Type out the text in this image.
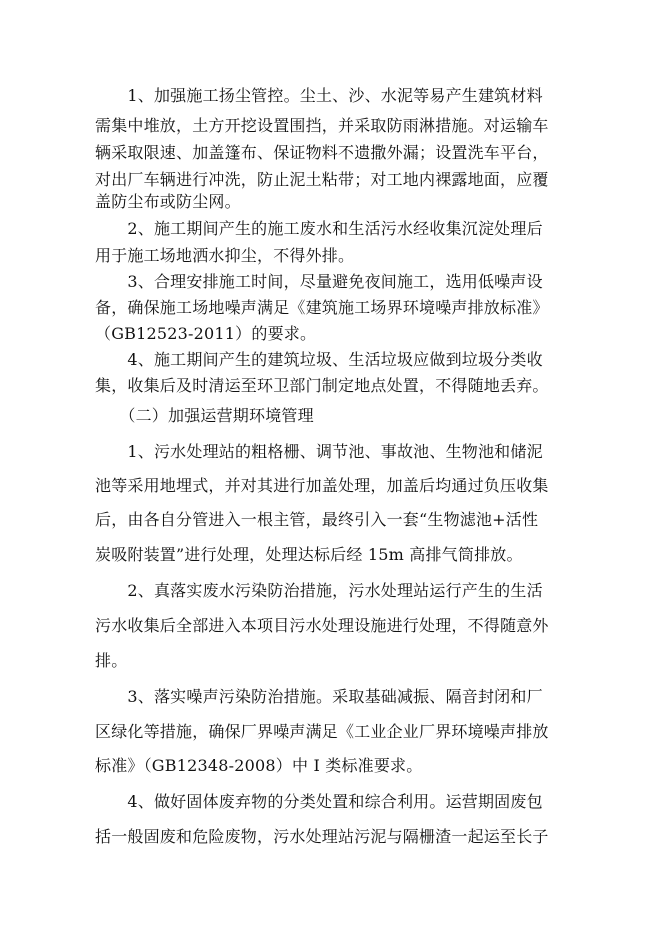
　　1、加强施工扬尘管控。尘土、沙、水泥等易产生建筑材料
需集中堆放，土方开挖设置围挡，并采取防雨淋措施。对运输车
辆采取限速、加盖篷布、保证物料不遗撒外漏；设置洗车平台，
对出厂车辆进行冲洗，防止泥土粘带；对工地内裸露地面，应覆
盖防尘布或防尘网。
　　2、施工期间产生的施工废水和生活污水经收集沉淀处理后
用于施工场地洒水抑尘，不得外排。
　　3、合理安排施工时间，尽量避免夜间施工，选用低噪声设
备，确保施工场地噪声满足《建筑施工场界环境噪声排放标准》
（GB12523-2011）的要求。
　　4、施工期间产生的建筑垃圾、生活垃圾应做到垃圾分类收
集，收集后及时清运至环卫部门制定地点处置，不得随地丢弃。
　　（二）加强运营期环境管理
　　1、污水处理站的粗格栅、调节池、事故池、生物池和储泥
池等采用地埋式，并对其进行加盖处理，加盖后均通过负压收集
后，由各自分管进入一根主管，最终引入一套“生物滤池+活性
炭吸附装置”进行处理，处理达标后经 15m 高排气筒排放。
　　2、真落实废水污染防治措施，污水处理站运行产生的生活
污水收集后全部进入本项目污水处理设施进行处理，不得随意外
排。
　　3、落实噪声污染防治措施。采取基础减振、隔音封闭和厂
区绿化等措施，确保厂界噪声满足《工业企业厂界环境噪声排放
标准》（GB12348-2008）中 I 类标准要求。
　　4、做好固体废弃物的分类处置和综合利用。运营期固废包
括一般固废和危险废物，污水处理站污泥与隔栅渣一起运至长子
